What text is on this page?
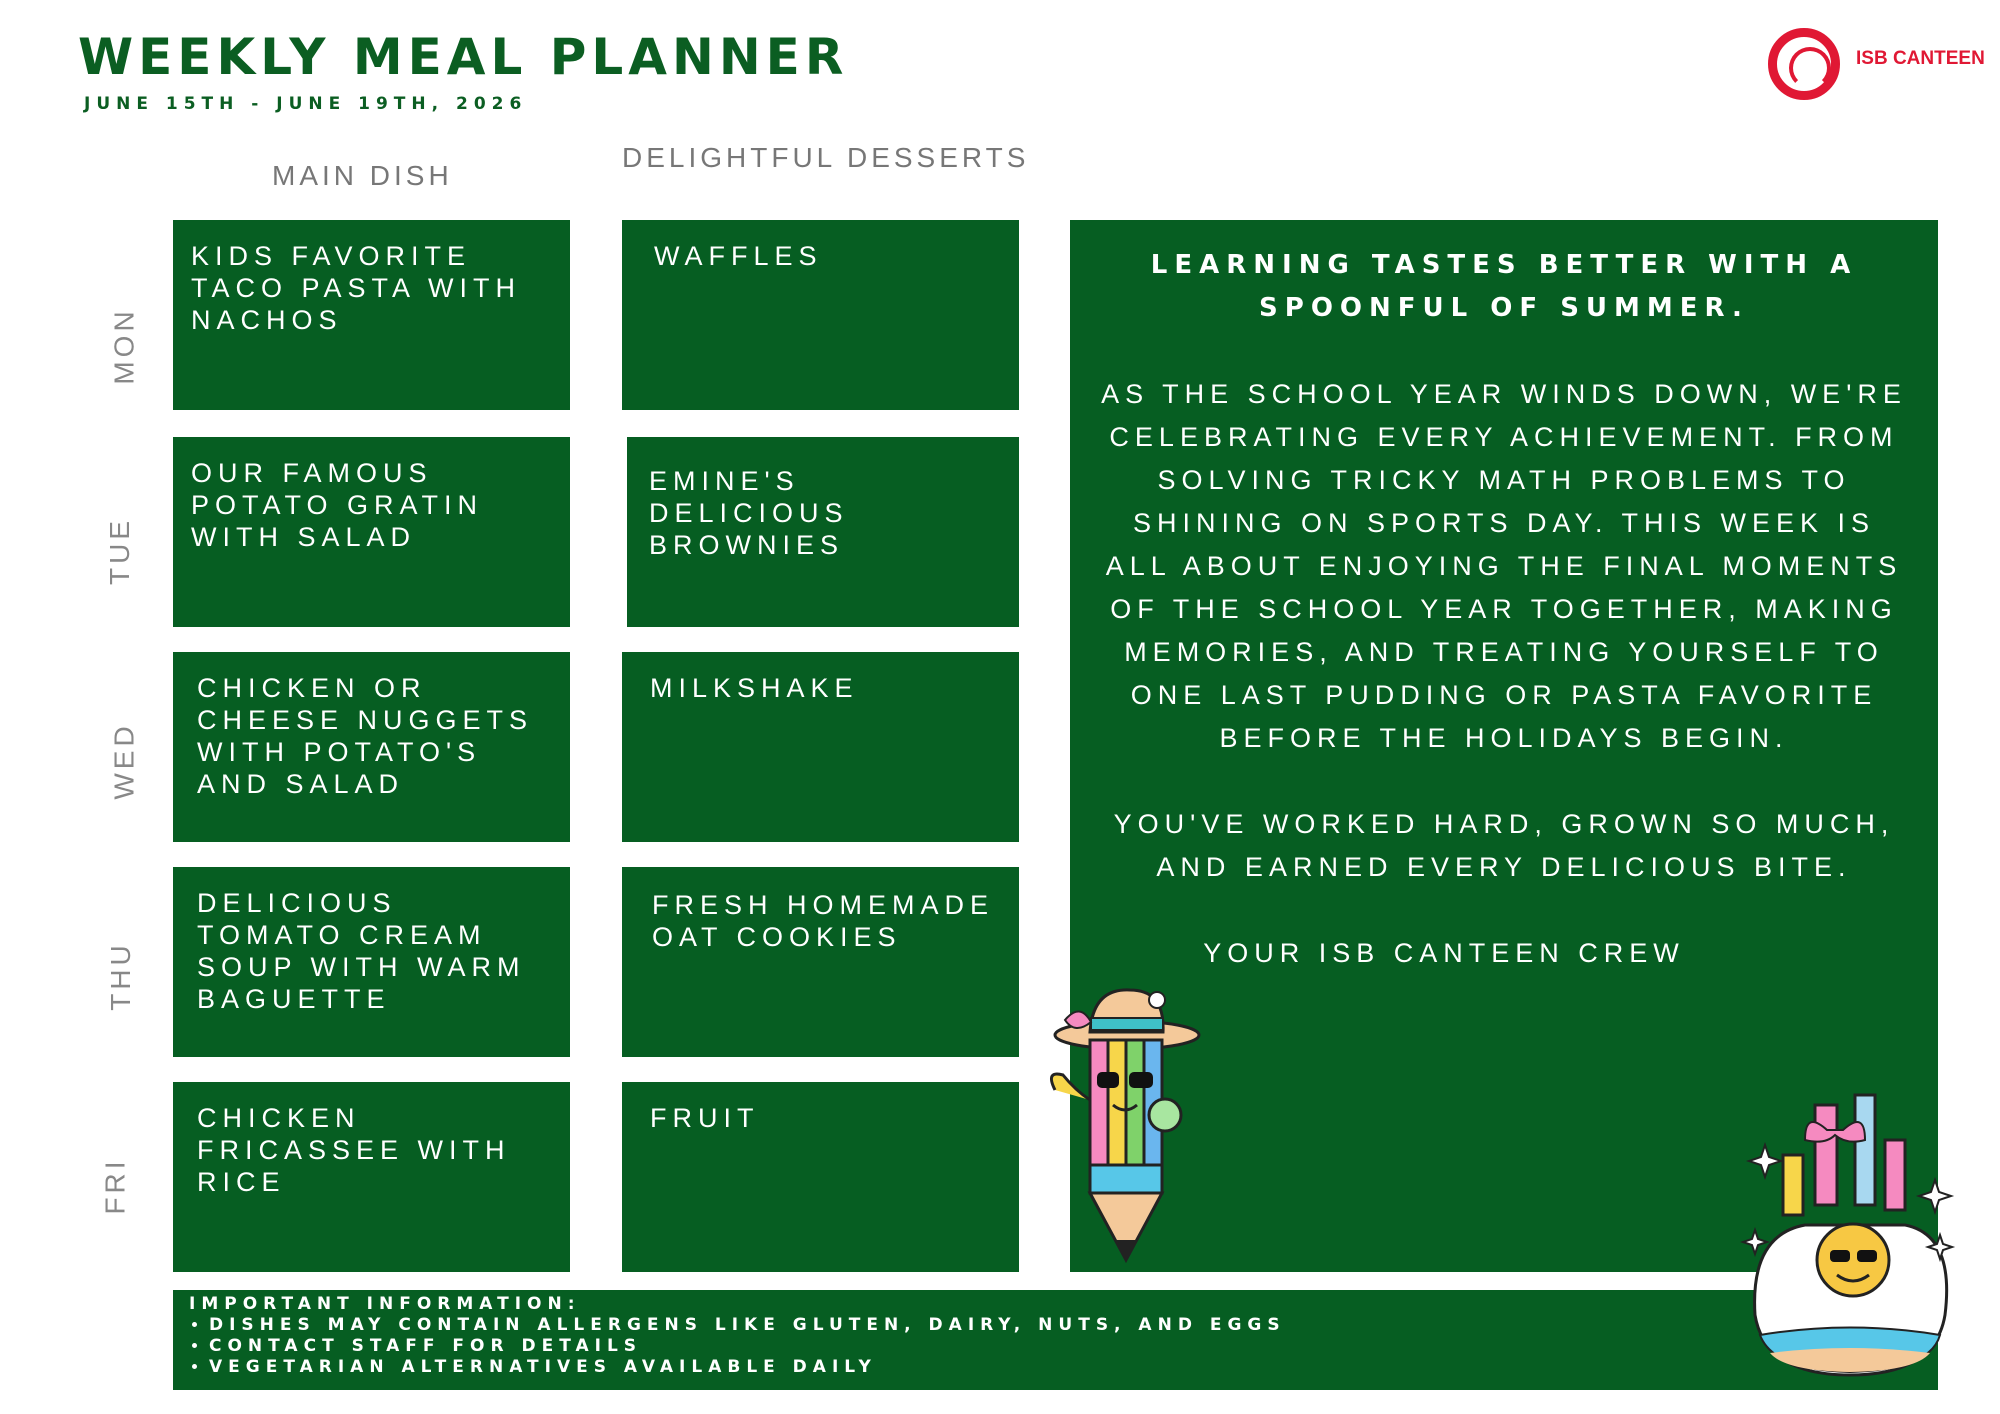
WEEKLY MEAL PLANNER
JUNE 15TH - JUNE 19TH, 2026
ISB CANTEEN
MAIN DISH
DELIGHTFUL DESSERTS
MON
TUE
WED
THU
FRI
KIDS FAVORITE TACO PASTA WITH NACHOS
OUR FAMOUS POTATO GRATIN WITH SALAD
CHICKEN OR CHEESE NUGGETS WITH POTATO'S AND SALAD
DELICIOUS TOMATO CREAM SOUP WITH WARM BAGUETTE
CHICKEN FRICASSEE WITH RICE
WAFFLES
EMINE'S DELICIOUS BROWNIES
MILKSHAKE
FRESH HOMEMADE OAT COOKIES
FRUIT

LEARNING TASTES BETTER WITH A SPOONFUL OF SUMMER.

AS THE SCHOOL YEAR WINDS DOWN, WE'RE CELEBRATING EVERY ACHIEVEMENT. FROM SOLVING TRICKY MATH PROBLEMS TO SHINING ON SPORTS DAY. THIS WEEK IS ALL ABOUT ENJOYING THE FINAL MOMENTS OF THE SCHOOL YEAR TOGETHER, MAKING MEMORIES, AND TREATING YOURSELF TO ONE LAST PUDDING OR PASTA FAVORITE BEFORE THE HOLIDAYS BEGIN.

YOU'VE WORKED HARD, GROWN SO MUCH, AND EARNED EVERY DELICIOUS BITE.

YOUR ISB CANTEEN CREW

IMPORTANT INFORMATION:
• DISHES MAY CONTAIN ALLERGENS LIKE GLUTEN, DAIRY, NUTS, AND EGGS
• CONTACT STAFF FOR DETAILS
• VEGETARIAN ALTERNATIVES AVAILABLE DAILY
